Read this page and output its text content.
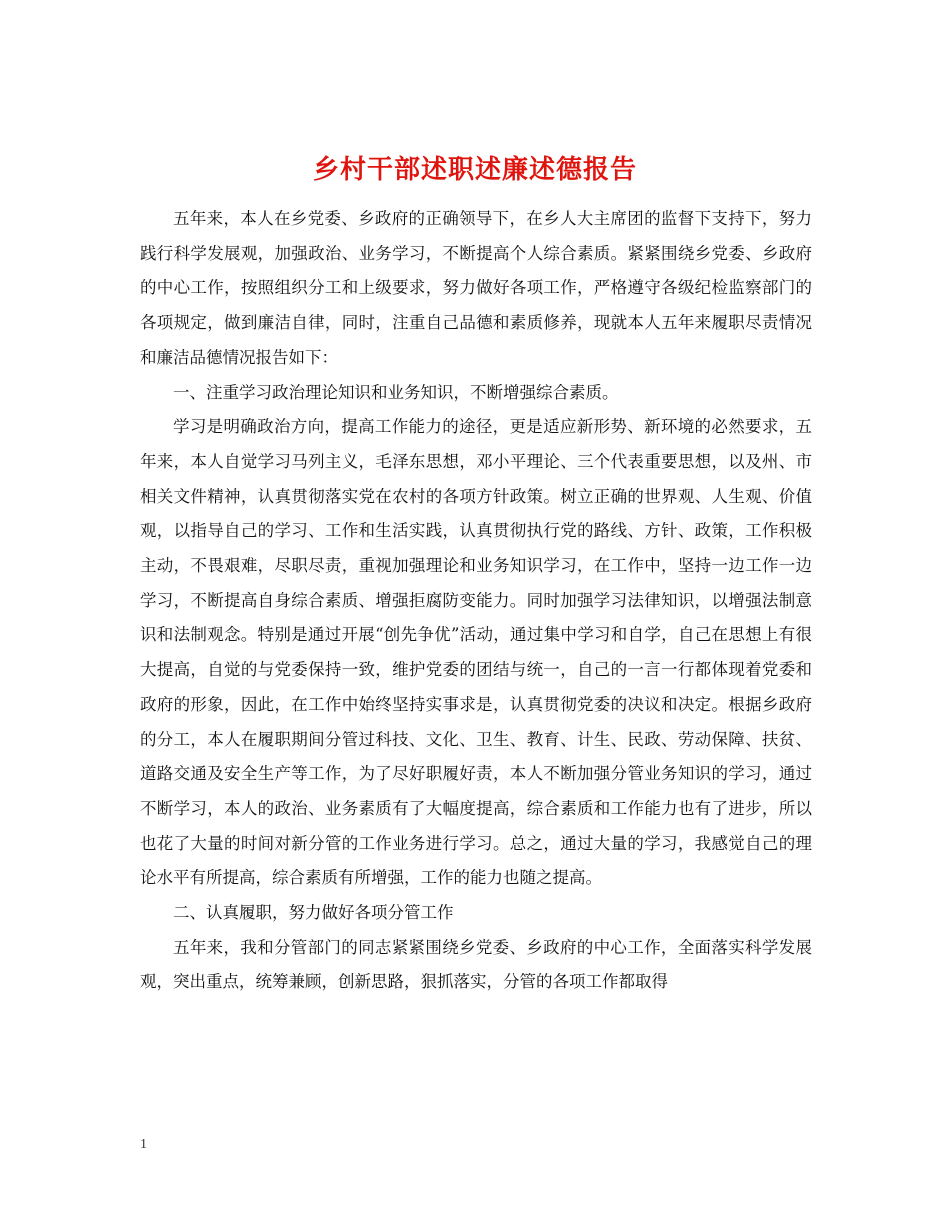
乡村干部述职述廉述德报告

五年来，本人在乡党委、乡政府的正确领导下，在乡人大主席团的监督下支持下，努力践行科学发展观，加强政治、业务学习，不断提高个人综合素质。紧紧围绕乡党委、乡政府的中心工作，按照组织分工和上级要求，努力做好各项工作，严格遵守各级纪检监察部门的各项规定，做到廉洁自律，同时，注重自己品德和素质修养，现就本人五年来履职尽责情况和廉洁品德情况报告如下：

一、注重学习政治理论知识和业务知识，不断增强综合素质。

学习是明确政治方向，提高工作能力的途径，更是适应新形势、新环境的必然要求，五年来，本人自觉学习马列主义，毛泽东思想，邓小平理论、三个代表重要思想，以及州、市相关文件精神，认真贯彻落实党在农村的各项方针政策。树立正确的世界观、人生观、价值观，以指导自己的学习、工作和生活实践，认真贯彻执行党的路线、方针、政策，工作积极主动，不畏艰难，尽职尽责，重视加强理论和业务知识学习，在工作中，坚持一边工作一边学习，不断提高自身综合素质、增强拒腐防变能力。同时加强学习法律知识，以增强法制意识和法制观念。特别是通过开展“创先争优”活动，通过集中学习和自学，自己在思想上有很大提高，自觉的与党委保持一致，维护党委的团结与统一，自己的一言一行都体现着党委和政府的形象，因此，在工作中始终坚持实事求是，认真贯彻党委的决议和决定。根据乡政府的分工，本人在履职期间分管过科技、文化、卫生、教育、计生、民政、劳动保障、扶贫、道路交通及安全生产等工作，为了尽好职履好责，本人不断加强分管业务知识的学习，通过不断学习，本人的政治、业务素质有了大幅度提高，综合素质和工作能力也有了进步，所以也花了大量的时间对新分管的工作业务进行学习。总之，通过大量的学习，我感觉自己的理论水平有所提高，综合素质有所增强，工作的能力也随之提高。

二、认真履职，努力做好各项分管工作

五年来，我和分管部门的同志紧紧围绕乡党委、乡政府的中心工作，全面落实科学发展观，突出重点，统筹兼顾，创新思路，狠抓落实，分管的各项工作都取得

1
